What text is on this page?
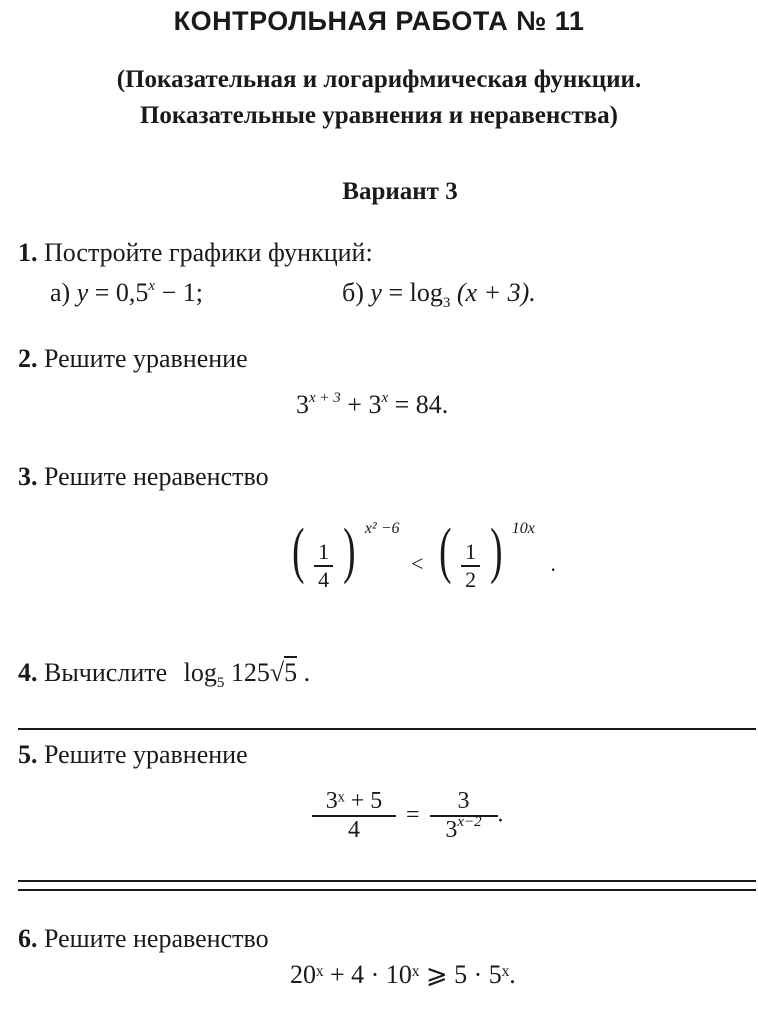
КОНТРОЛЬНАЯ РАБОТА № 11
(Показательная и логарифмическая функции.
Показательные уравнения и неравенства)
Вариант 3
1. Постройте графики функций:
а) $y = 0,5^x - 1$;	б) $y = \log_3 (x + 3)$.
2. Решите уравнение
$3^{x + 3} + 3^x = 84$.
3. Решите неравенство
( $\frac{1}{4}$ ) $^{x^2 -6}$ < ( $\frac{1}{2}$ ) $^{10x}$ .
4. Вычислите $\log_5 125√5$ .
5. Решите уравнение
$\frac{\text{3ˣ + 5}}{4} = \frac{3}{3^{x-2}}$ .
6. Решите неравенство
20ˣ + 4 · 10ˣ ⩾ 5 · 5ˣ.
